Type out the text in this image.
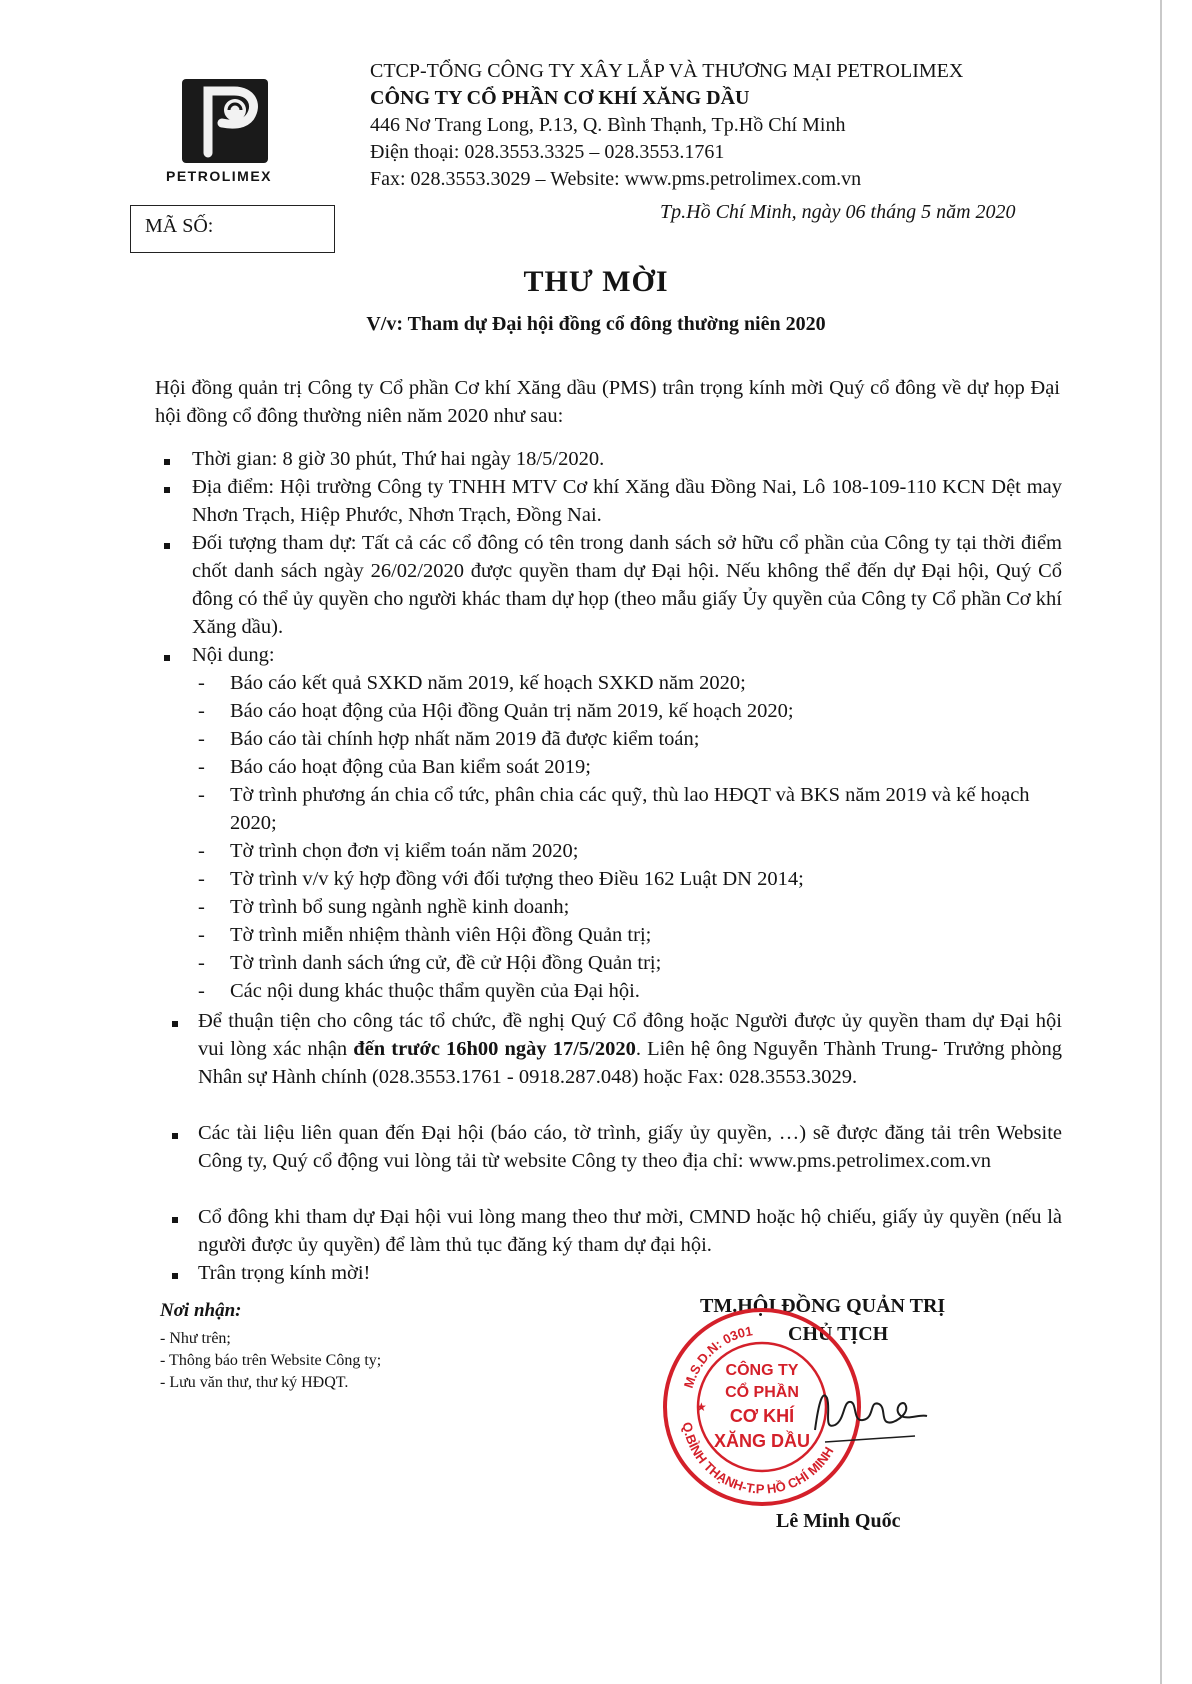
PETROLIMEX
CTCP-TỔNG CÔNG TY XÂY LẮP VÀ THƯƠNG MẠI PETROLIMEX
CÔNG TY CỔ PHẦN CƠ KHÍ XĂNG DẦU
446 Nơ Trang Long, P.13, Q. Bình Thạnh, Tp.Hồ Chí Minh
Điện thoại: 028.3553.3325 – 028.3553.1761
Fax: 028.3553.3029 – Website: www.pms.petrolimex.com.vn
MÃ SỐ:
Tp.Hồ Chí Minh, ngày 06 tháng 5 năm 2020
THƯ MỜI
V/v: Tham dự Đại hội đồng cổ đông thường niên 2020
Hội đồng quản trị Công ty Cổ phần Cơ khí Xăng dầu (PMS) trân trọng kính mời Quý cổ đông về dự họp Đại hội đồng cổ đông thường niên năm 2020 như sau:
Thời gian: 8 giờ 30 phút, Thứ hai ngày 18/5/2020.
Địa điểm: Hội trường Công ty TNHH MTV Cơ khí Xăng dầu Đồng Nai, Lô 108-109-110 KCN Dệt may Nhơn Trạch, Hiệp Phước, Nhơn Trạch, Đồng Nai.
Đối tượng tham dự: Tất cả các cổ đông có tên trong danh sách sở hữu cổ phần của Công ty tại thời điểm chốt danh sách ngày 26/02/2020 được quyền tham dự Đại hội. Nếu không thể đến dự Đại hội, Quý Cổ đông có thể ủy quyền cho người khác tham dự họp (theo mẫu giấy Ủy quyền của Công ty Cổ phần Cơ khí Xăng dầu).
Nội dung:
- Báo cáo kết quả SXKD năm 2019, kế hoạch SXKD năm 2020;
- Báo cáo hoạt động của Hội đồng Quản trị năm 2019, kế hoạch 2020;
- Báo cáo tài chính hợp nhất năm 2019 đã được kiểm toán;
- Báo cáo hoạt động của Ban kiểm soát 2019;
- Tờ trình phương án chia cổ tức, phân chia các quỹ, thù lao HĐQT và BKS năm 2019 và kế hoạch 2020;
- Tờ trình chọn đơn vị kiểm toán năm 2020;
- Tờ trình v/v ký hợp đồng với đối tượng theo Điều 162 Luật DN 2014;
- Tờ trình bổ sung ngành nghề kinh doanh;
- Tờ trình miễn nhiệm thành viên Hội đồng Quản trị;
- Tờ trình danh sách ứng cử, đề cử Hội đồng Quản trị;
- Các nội dung khác thuộc thẩm quyền của Đại hội.
Để thuận tiện cho công tác tổ chức, đề nghị Quý Cổ đông hoặc Người được ủy quyền tham dự Đại hội vui lòng xác nhận đến trước 16h00 ngày 17/5/2020. Liên hệ ông Nguyễn Thành Trung- Trưởng phòng Nhân sự Hành chính (028.3553.1761 - 0918.287.048) hoặc Fax: 028.3553.3029.
Các tài liệu liên quan đến Đại hội (báo cáo, tờ trình, giấy ủy quyền, …) sẽ được đăng tải trên Website Công ty, Quý cổ động vui lòng tải từ website Công ty theo địa chỉ: www.pms.petrolimex.com.vn
Cổ đông khi tham dự Đại hội vui lòng mang theo thư mời, CMND hoặc hộ chiếu, giấy ủy quyền (nếu là người được ủy quyền) để làm thủ tục đăng ký tham dự đại hội.
Trân trọng kính mời!
Nơi nhận:
- Như trên;
- Thông báo trên Website Công ty;
- Lưu văn thư, thư ký HĐQT.
TM.HỘI ĐỒNG QUẢN TRỊ
CHỦ TỊCH
M.S.D.N: 0301
Q.BÌNH THẠNH-T.P HỒ CHÍ MINH
CÔNG TY
CỔ PHẦN
CƠ KHÍ
XĂNG DẦU
★
Lê Minh Quốc
